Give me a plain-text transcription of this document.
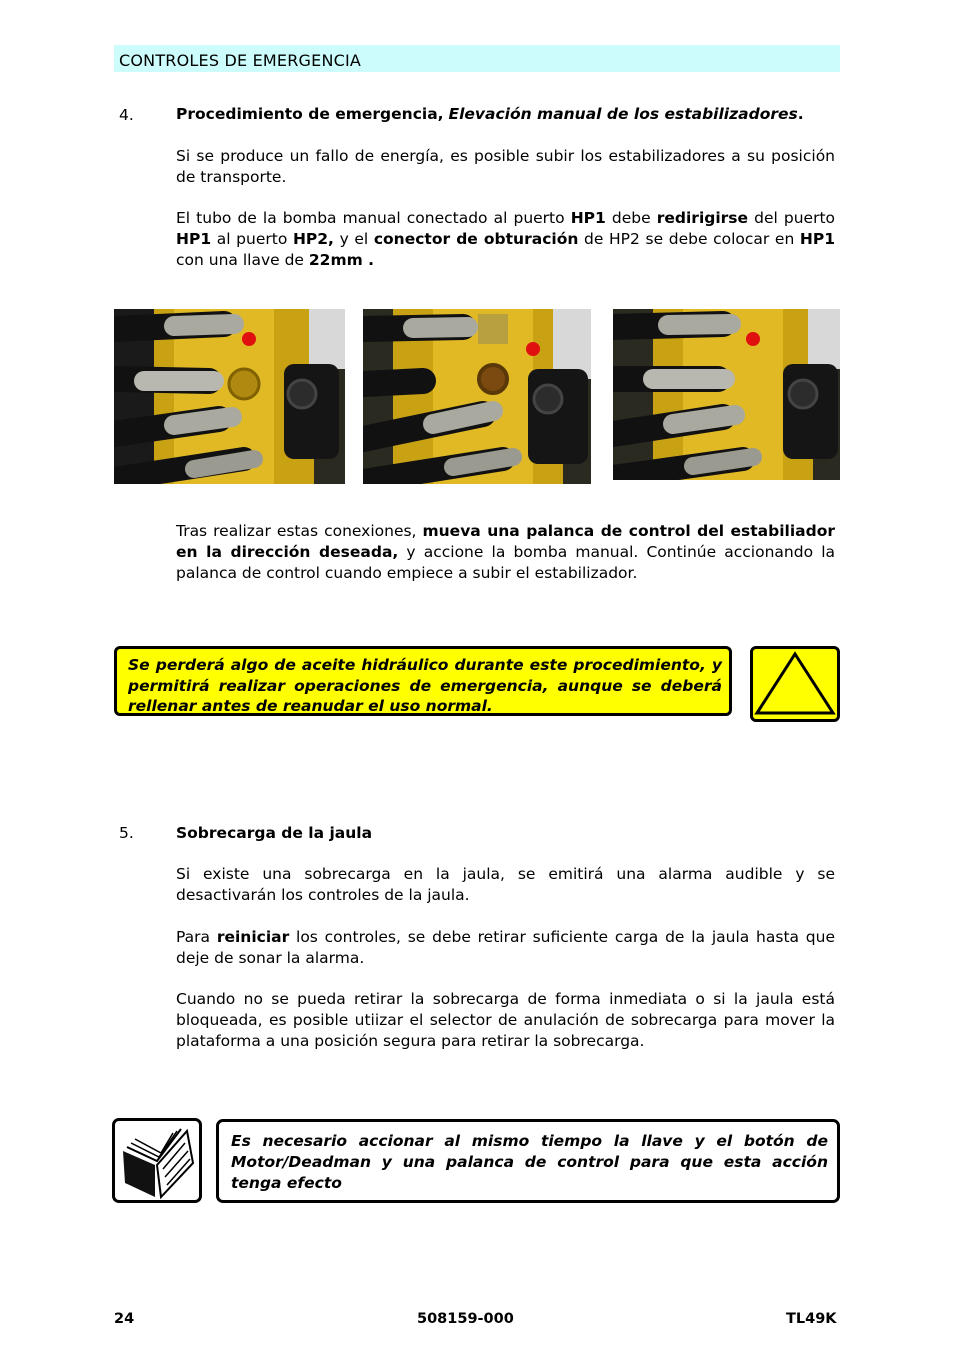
CONTROLES DE EMERGENCIA
4.	Procedimiento de emergencia, Elevación manual de los estabilizadores.
Si se produce un fallo de energía, es posible subir los estabilizadores a su posición de transporte.
El tubo de la bomba manual conectado al puerto HP1 debe redirigirse del puerto HP1 al puerto HP2, y el conector de obturación de HP2 se debe colocar en HP1 con una llave de 22mm .
Tras realizar estas conexiones, mueva una palanca de control del estabiliador en la dirección deseada, y accione la bomba manual. Continúe accionando la palanca de control cuando empiece a subir el estabilizador.

Se perderá algo de aceite hidráulico durante este procedimiento, y permitirá realizar operaciones de emergencia, aunque se deberá rellenar antes de reanudar el uso normal.

5.	Sobrecarga de la jaula
Si existe una sobrecarga en la jaula, se emitirá una alarma audible y se desactivarán los controles de la jaula.
Para reiniciar los controles, se debe retirar suficiente carga de la jaula hasta que deje de sonar la alarma.
Cuando no se pueda retirar la sobrecarga de forma inmediata o si la jaula está bloqueada, es posible utiizar el selector de anulación de sobrecarga para mover la plataforma a una posición segura para retirar la sobrecarga.

Es necesario accionar al mismo tiempo la llave y el botón de Motor/Deadman y una palanca de control para que esta acción tenga efecto

24	508159-000	TL49K
